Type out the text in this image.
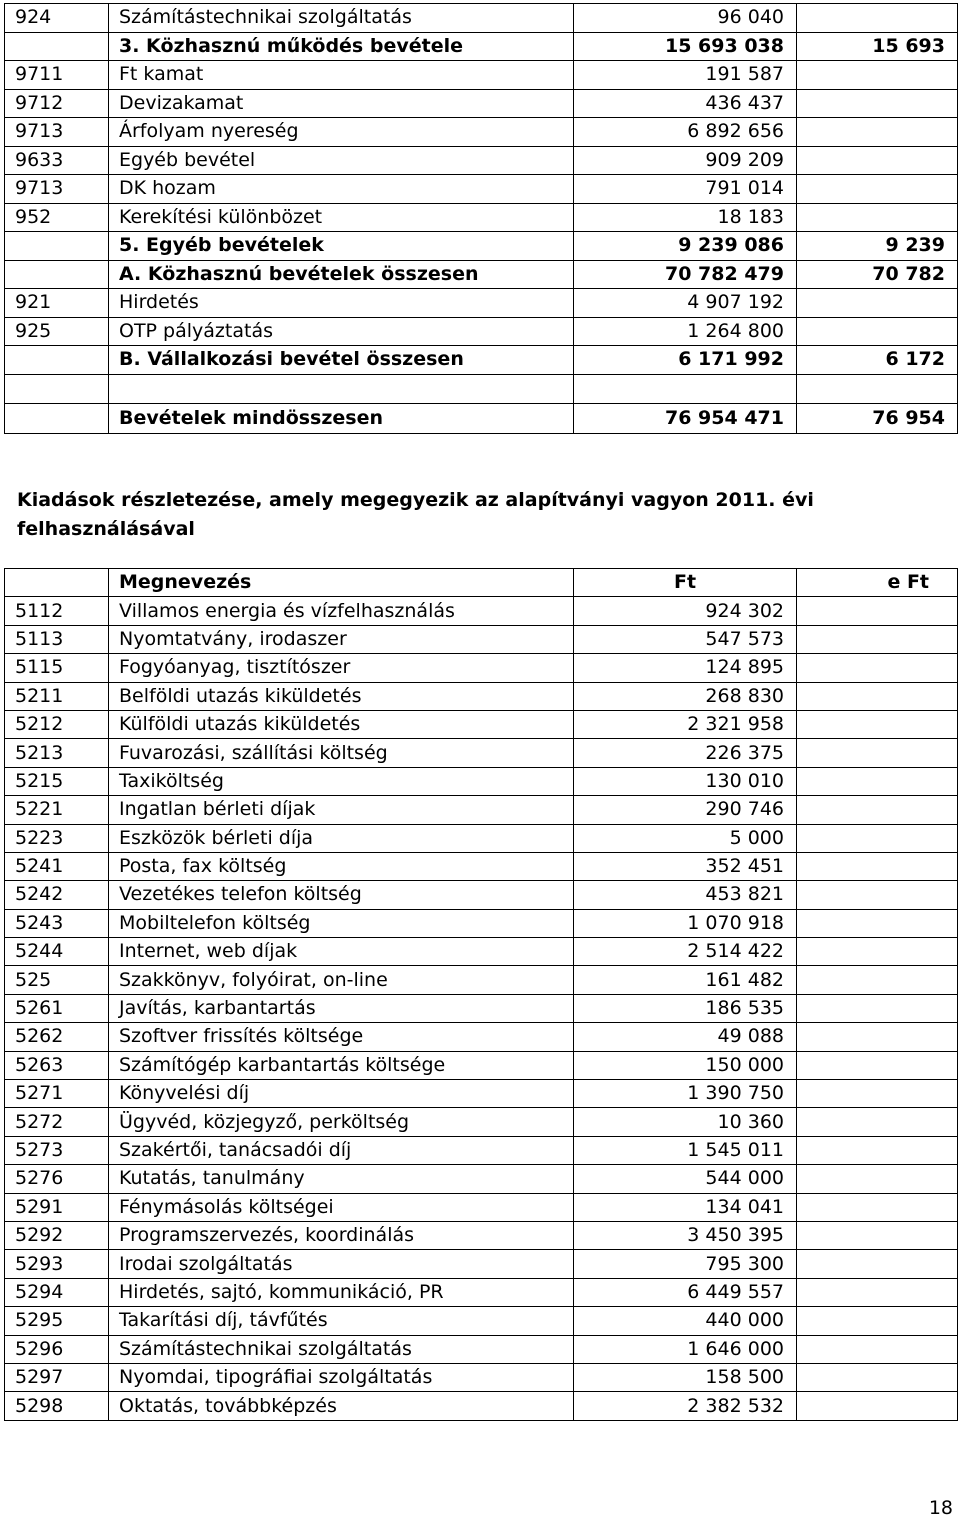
924	Számítástechnikai szolgáltatás	96 040	
	3. Közhasznú működés bevétele	15 693 038	15 693
9711	Ft kamat	191 587	
9712	Devizakamat	436 437	
9713	Árfolyam nyereség	6 892 656	
9633	Egyéb bevétel	909 209	
9713	DK hozam	791 014	
952	Kerekítési különbözet	18 183	
	5. Egyéb bevételek	9 239 086	9 239
	A. Közhasznú bevételek összesen	70 782 479	70 782
921	Hirdetés	4 907 192	
925	OTP pályáztatás	1 264 800	
	B. Vállalkozási bevétel összesen	6 171 992	6 172

	Bevételek mindösszesen	76 954 471	76 954
Kiadások részletezése, amely megegyezik az alapítványi vagyon 2011. évi felhasználásával
	Megnevezés	Ft	e Ft
5112	Villamos energia és vízfelhasználás	924 302	
5113	Nyomtatvány, irodaszer	547 573	
5115	Fogyóanyag, tisztítószer	124 895	
5211	Belföldi utazás kiküldetés	268 830	
5212	Külföldi utazás kiküldetés	2 321 958	
5213	Fuvarozási, szállítási költség	226 375	
5215	Taxiköltség	130 010	
5221	Ingatlan bérleti díjak	290 746	
5223	Eszközök bérleti díja	5 000	
5241	Posta, fax költség	352 451	
5242	Vezetékes telefon költség	453 821	
5243	Mobiltelefon költség	1 070 918	
5244	Internet, web díjak	2 514 422	
525	Szakkönyv, folyóirat, on-line	161 482	
5261	Javítás, karbantartás	186 535	
5262	Szoftver frissítés költsége	49 088	
5263	Számítógép karbantartás költsége	150 000	
5271	Könyvelési díj	1 390 750	
5272	Ügyvéd, közjegyző, perköltség	10 360	
5273	Szakértői, tanácsadói díj	1 545 011	
5276	Kutatás, tanulmány	544 000	
5291	Fénymásolás költségei	134 041	
5292	Programszervezés, koordinálás	3 450 395	
5293	Irodai szolgáltatás	795 300	
5294	Hirdetés, sajtó, kommunikáció, PR	6 449 557	
5295	Takarítási díj, távfűtés	440 000	
5296	Számítástechnikai szolgáltatás	1 646 000	
5297	Nyomdai, tipográfiai szolgáltatás	158 500	
5298	Oktatás, továbbképzés	2 382 532	
18
